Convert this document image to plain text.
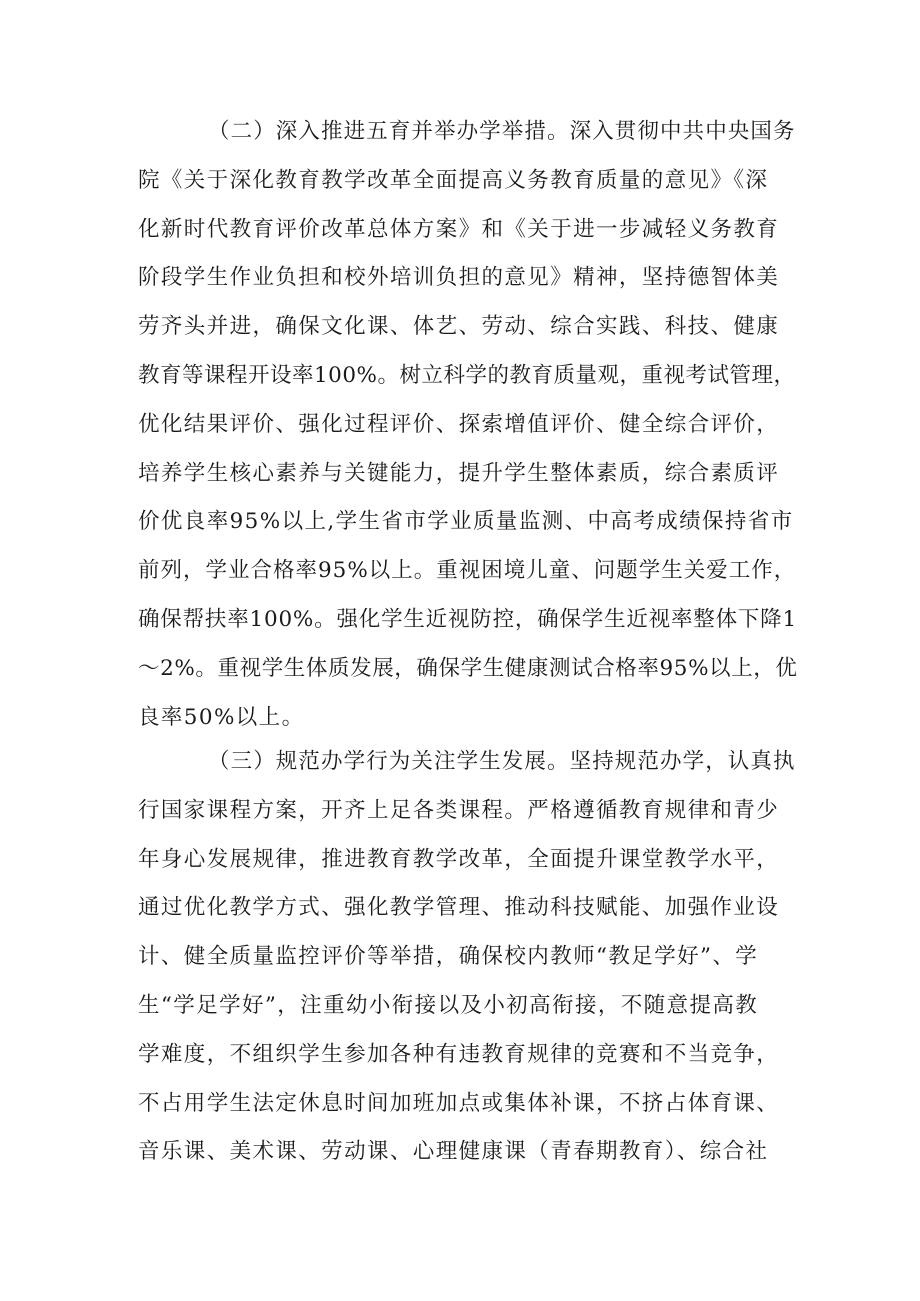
（二）深入推进五育并举办学举措。深入贯彻中共中央国务
院《关于深化教育教学改革全面提高义务教育质量的意见》《深
化新时代教育评价改革总体方案》和《关于进一步减轻义务教育
阶段学生作业负担和校外培训负担的意见》精神，坚持德智体美
劳齐头并进，确保文化课、体艺、劳动、综合实践、科技、健康
教育等课程开设率100%。树立科学的教育质量观，重视考试管理，
优化结果评价、强化过程评价、探索增值评价、健全综合评价，
培养学生核心素养与关键能力，提升学生整体素质，综合素质评
价优良率95%以上,学生省市学业质量监测、中高考成绩保持省市
前列，学业合格率95%以上。重视困境儿童、问题学生关爱工作，
确保帮扶率100%。强化学生近视防控，确保学生近视率整体下降1
～2%。重视学生体质发展，确保学生健康测试合格率95%以上，优
良率50%以上。
（三）规范办学行为关注学生发展。坚持规范办学，认真执
行国家课程方案，开齐上足各类课程。严格遵循教育规律和青少
年身心发展规律，推进教育教学改革，全面提升课堂教学水平，
通过优化教学方式、强化教学管理、推动科技赋能、加强作业设
计、健全质量监控评价等举措，确保校内教师“教足学好”、学
生“学足学好”，注重幼小衔接以及小初高衔接，不随意提高教
学难度，不组织学生参加各种有违教育规律的竞赛和不当竞争，
不占用学生法定休息时间加班加点或集体补课，不挤占体育课、
音乐课、美术课、劳动课、心理健康课（青春期教育）、综合社
